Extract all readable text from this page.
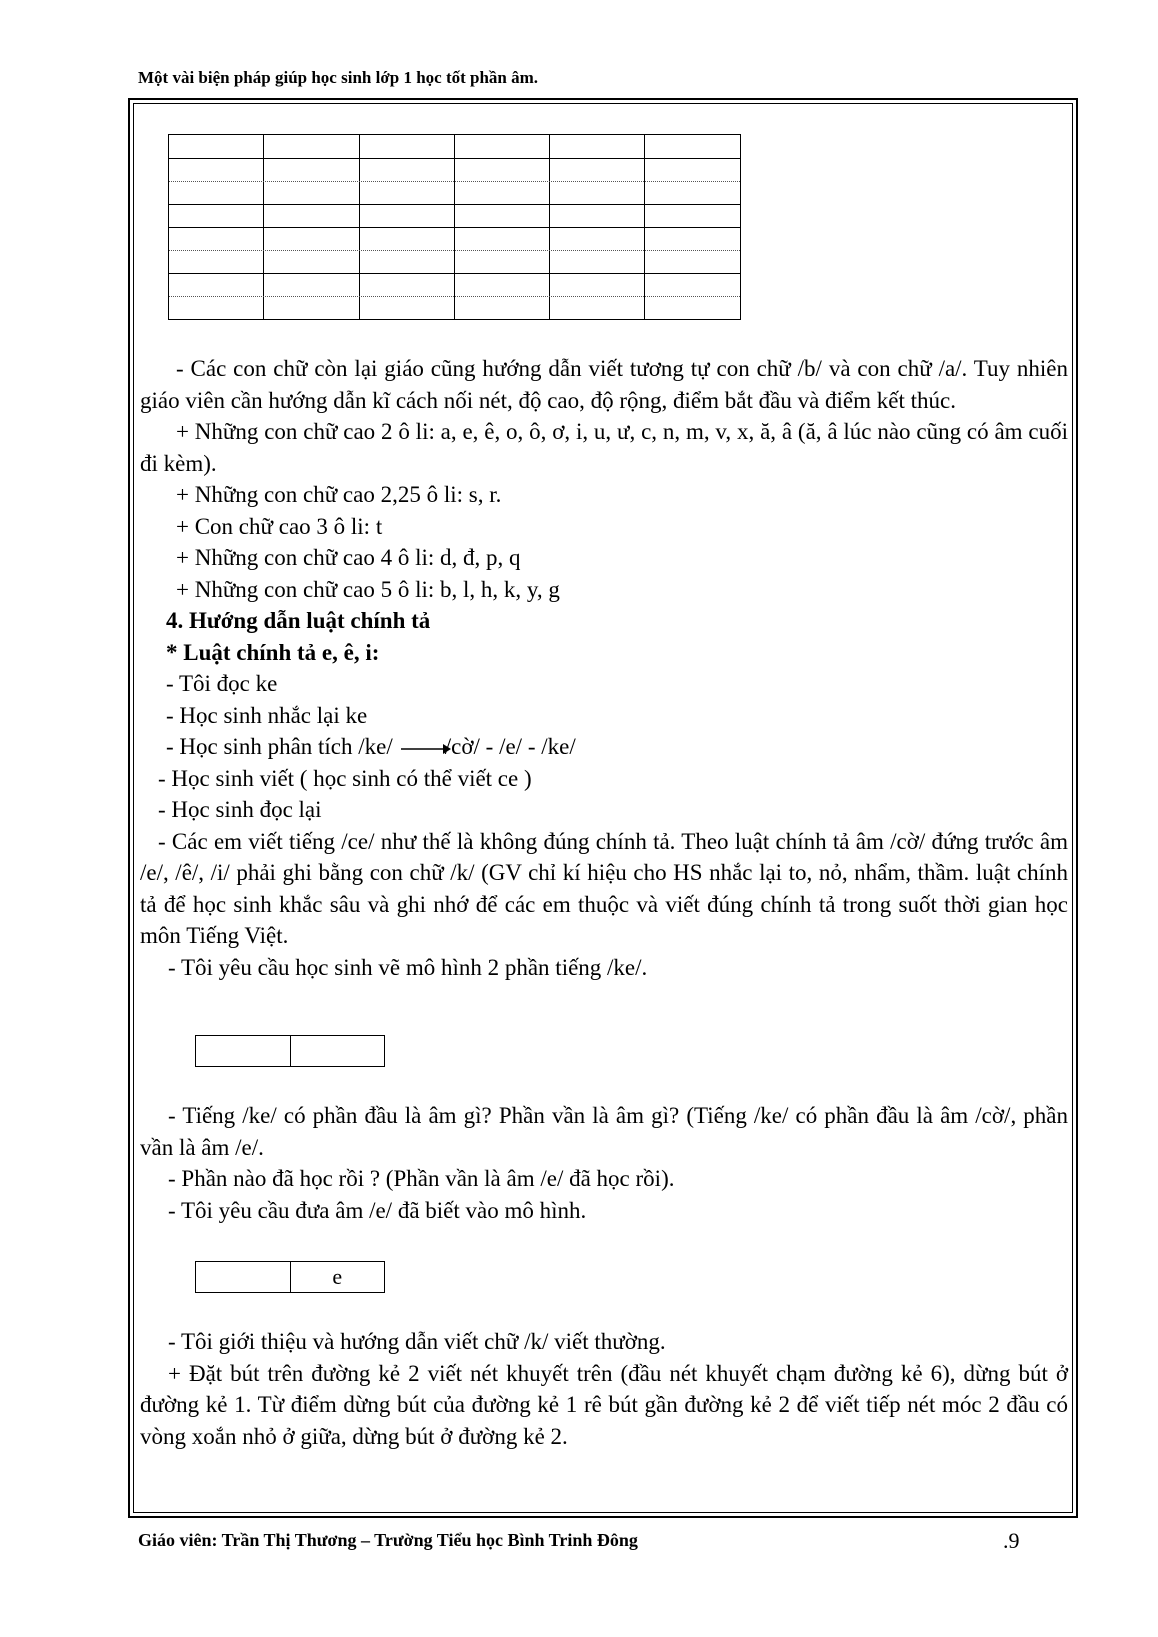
Một vài biện pháp giúp học sinh lớp 1 học tốt phần âm.

- Các con chữ còn lại giáo cũng hướng dẫn viết tương tự con chữ /b/ và con chữ /a/. Tuy nhiên giáo viên cần hướng dẫn kĩ cách nối nét, độ cao, độ rộng, điểm bắt đầu và điểm kết thúc.

+ Những con chữ cao 2 ô li: a, e, ê, o, ô, ơ, i, u, ư, c, n, m, v, x, ă, â (ă, â lúc nào cũng có âm cuối đi kèm).

+ Những con chữ cao 2,25 ô li: s, r.

+ Con chữ cao 3 ô li: t

+ Những con chữ cao 4 ô li: d, đ, p, q

+ Những con chữ cao 5 ô li: b, l, h, k, y, g

4. Hướng dẫn luật chính tả

* Luật chính tả e, ê, i:

- Tôi đọc ke

- Học sinh nhắc lại ke

- Học sinh phân tích /ke/ /cờ/ - /e/ - /ke/

- Học sinh viết ( học sinh có thể viết ce )

- Học sinh đọc lại

- Các em viết tiếng /ce/ như thế là không đúng chính tả. Theo luật chính tả âm /cờ/ đứng trước âm /e/, /ê/, /i/ phải ghi bằng con chữ /k/ (GV chỉ kí hiệu cho HS nhắc lại to, nỏ, nhẩm, thầm. luật chính tả để học sinh khắc sâu và ghi nhớ để các em thuộc và viết đúng chính tả trong suốt thời gian học môn Tiếng Việt.

- Tôi yêu cầu học sinh vẽ mô hình 2 phần tiếng /ke/.

- Tiếng /ke/ có phần đầu là âm gì? Phần vần là âm gì? (Tiếng /ke/ có phần đầu là âm /cờ/, phần vần là âm /e/.

- Phần nào đã học rồi ? (Phần vần là âm /e/ đã học rồi).

- Tôi yêu cầu đưa âm /e/ đã biết vào mô hình.

e

- Tôi giới thiệu và hướng dẫn viết chữ /k/ viết thường.

+ Đặt bút trên đường kẻ 2 viết nét khuyết trên (đầu nét khuyết chạm đường kẻ 6), dừng bút ở đường kẻ 1. Từ điểm dừng bút của đường kẻ 1 rê bút gần đường kẻ 2 để viết tiếp nét móc 2 đầu có vòng xoắn nhỏ ở giữa, dừng bút ở đường kẻ 2.

Giáo viên: Trần Thị Thương – Trường Tiểu học Bình Trinh Đông	.9
